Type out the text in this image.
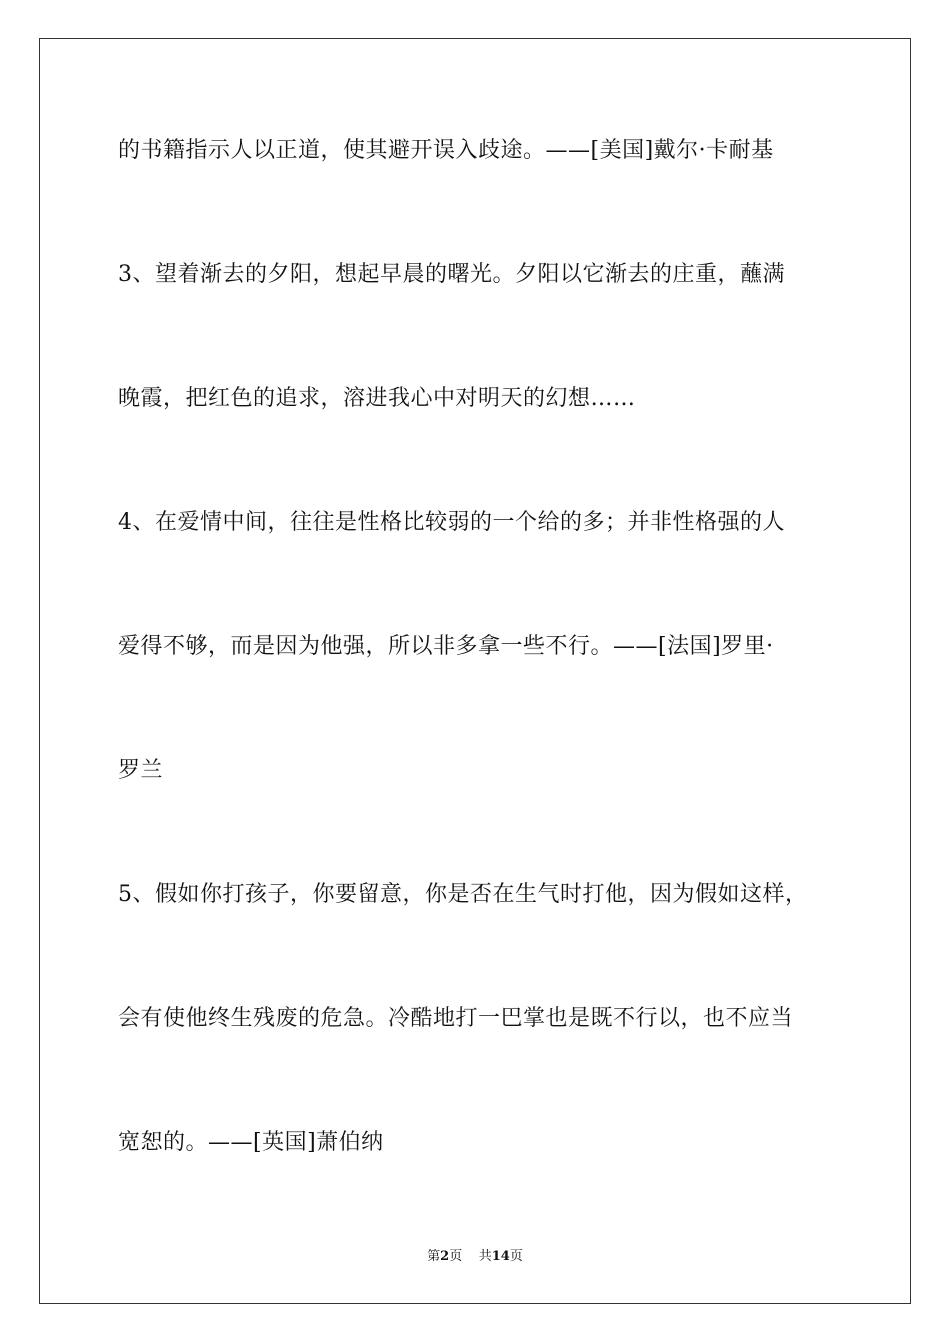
的书籍指示人以正道，使其避开误入歧途。——[美国]戴尔·卡耐基
3、望着渐去的夕阳，想起早晨的曙光。夕阳以它渐去的庄重，蘸满
晚霞，把红色的追求，溶进我心中对明天的幻想……
4、在爱情中间，往往是性格比较弱的一个给的多；并非性格强的人
爱得不够，而是因为他强，所以非多拿一些不行。——[法国]罗里·
罗兰
5、假如你打孩子，你要留意，你是否在生气时打他，因为假如这样，
会有使他终生残废的危急。冷酷地打一巴掌也是既不行以，也不应当
宽恕的。——[英国]萧伯纳
第2页 共14页
